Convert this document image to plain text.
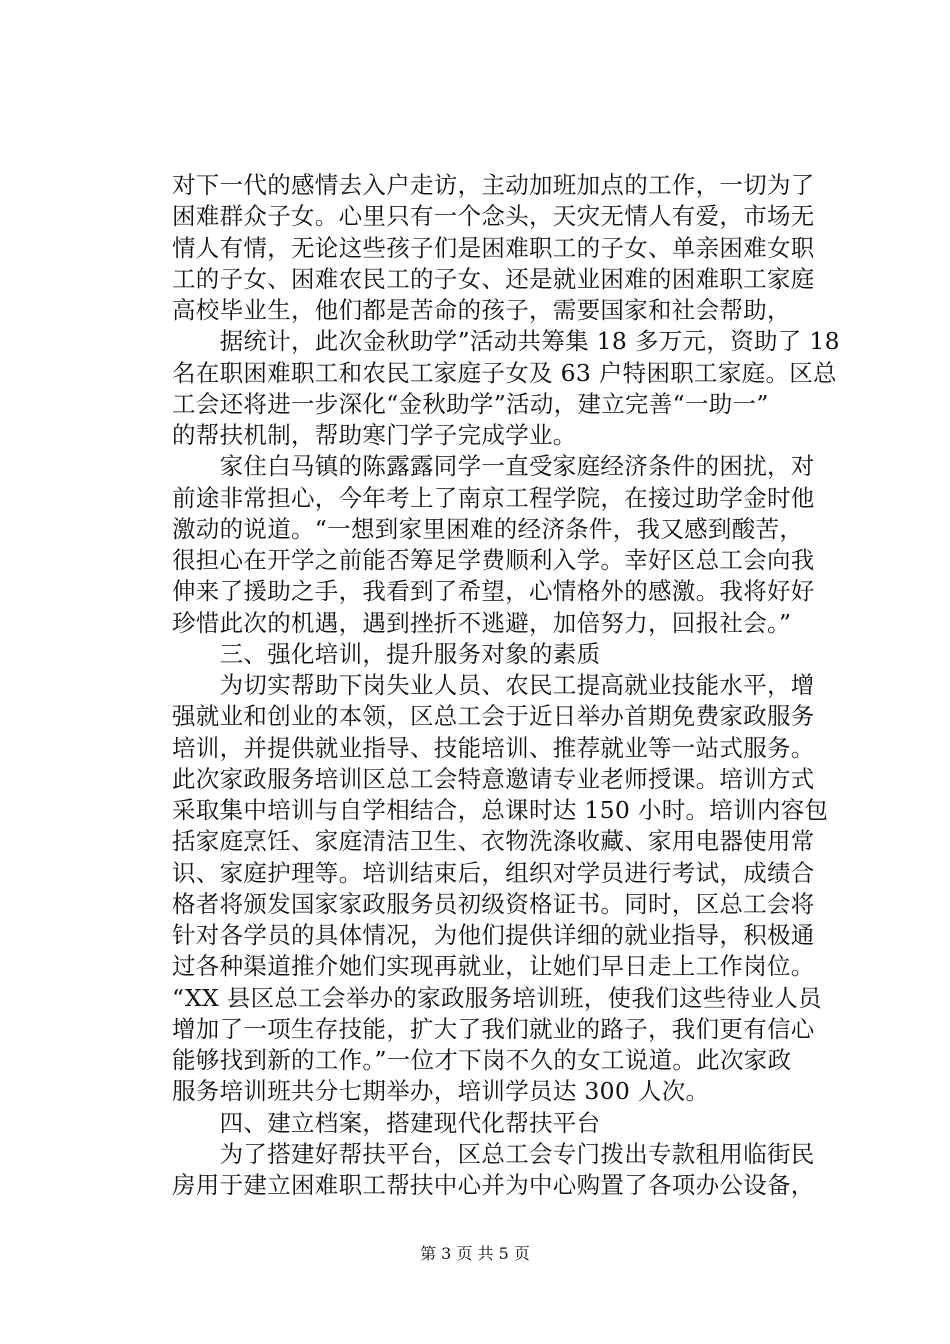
对下一代的感情去入户走访，主动加班加点的工作，一切为了
困难群众子女。心里只有一个念头，天灾无情人有爱，市场无
情人有情，无论这些孩子们是困难职工的子女、单亲困难女职
工的子女、困难农民工的子女、还是就业困难的困难职工家庭
高校毕业生，他们都是苦命的孩子，需要国家和社会帮助，
　　据统计，此次金秋助学”活动共筹集 18 多万元，资助了 18
名在职困难职工和农民工家庭子女及 63 户特困职工家庭。区总
工会还将进一步深化“金秋助学”活动，建立完善“一助一”
的帮扶机制，帮助寒门学子完成学业。
　　家住白马镇的陈露露同学一直受家庭经济条件的困扰，对
前途非常担心，今年考上了南京工程学院，在接过助学金时他
激动的说道。“一想到家里困难的经济条件，我又感到酸苦，
很担心在开学之前能否筹足学费顺利入学。幸好区总工会向我
伸来了援助之手，我看到了希望，心情格外的感激。我将好好
珍惜此次的机遇，遇到挫折不逃避，加倍努力，回报社会。”
　　三、强化培训，提升服务对象的素质
　　为切实帮助下岗失业人员、农民工提高就业技能水平，增
强就业和创业的本领，区总工会于近日举办首期免费家政服务
培训，并提供就业指导、技能培训、推荐就业等一站式服务。
此次家政服务培训区总工会特意邀请专业老师授课。培训方式
采取集中培训与自学相结合，总课时达 150 小时。培训内容包
括家庭烹饪、家庭清洁卫生、衣物洗涤收藏、家用电器使用常
识、家庭护理等。培训结束后，组织对学员进行考试，成绩合
格者将颁发国家家政服务员初级资格证书。同时，区总工会将
针对各学员的具体情况，为他们提供详细的就业指导，积极通
过各种渠道推介她们实现再就业，让她们早日走上工作岗位。
“XX 县区总工会举办的家政服务培训班，使我们这些待业人员
增加了一项生存技能，扩大了我们就业的路子，我们更有信心
能够找到新的工作。”一位才下岗不久的女工说道。此次家政
服务培训班共分七期举办，培训学员达 300 人次。
　　四、建立档案，搭建现代化帮扶平台
　　为了搭建好帮扶平台，区总工会专门拨出专款租用临街民
房用于建立困难职工帮扶中心并为中心购置了各项办公设备，
第 3 页 共 5 页
